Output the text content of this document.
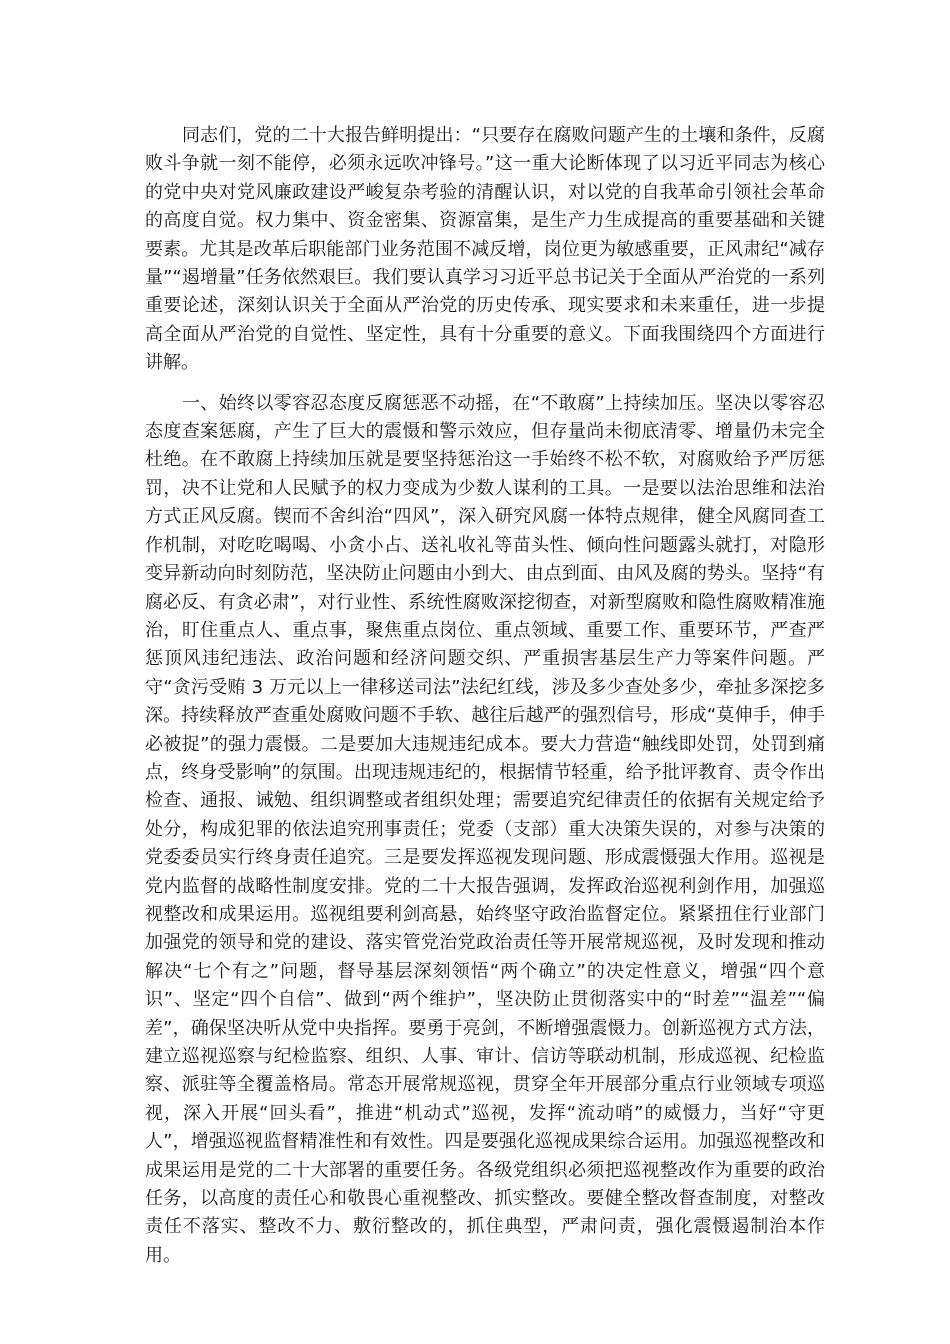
同志们，党的二十大报告鲜明提出：“只要存在腐败问题产生的土壤和条件，反腐败斗争就一刻不能停，必须永远吹冲锋号。”这一重大论断体现了以习近平同志为核心的党中央对党风廉政建设严峻复杂考验的清醒认识，对以党的自我革命引领社会革命的高度自觉。权力集中、资金密集、资源富集，是生产力生成提高的重要基础和关键要素。尤其是改革后职能部门业务范围不减反增，岗位更为敏感重要，正风肃纪“减存量”“遏增量”任务依然艰巨。我们要认真学习习近平总书记关于全面从严治党的一系列重要论述，深刻认识关于全面从严治党的历史传承、现实要求和未来重任，进一步提高全面从严治党的自觉性、坚定性，具有十分重要的意义。下面我围绕四个方面进行讲解。

一、始终以零容忍态度反腐惩恶不动摇，在“不敢腐”上持续加压。坚决以零容忍态度查案惩腐，产生了巨大的震慑和警示效应，但存量尚未彻底清零、增量仍未完全杜绝。在不敢腐上持续加压就是要坚持惩治这一手始终不松不软，对腐败给予严厉惩罚，决不让党和人民赋予的权力变成为少数人谋利的工具。一是要以法治思维和法治方式正风反腐。锲而不舍纠治“四风”，深入研究风腐一体特点规律，健全风腐同查工作机制，对吃吃喝喝、小贪小占、送礼收礼等苗头性、倾向性问题露头就打，对隐形变异新动向时刻防范，坚决防止问题由小到大、由点到面、由风及腐的势头。坚持“有腐必反、有贪必肃”，对行业性、系统性腐败深挖彻查，对新型腐败和隐性腐败精准施治，盯住重点人、重点事，聚焦重点岗位、重点领域、重要工作、重要环节，严查严惩顶风违纪违法、政治问题和经济问题交织、严重损害基层生产力等案件问题。严守“贪污受贿 3 万元以上一律移送司法”法纪红线，涉及多少查处多少，牵扯多深挖多深。持续释放严查重处腐败问题不手软、越往后越严的强烈信号，形成“莫伸手，伸手必被捉”的强力震慑。二是要加大违规违纪成本。要大力营造“触线即处罚，处罚到痛点，终身受影响”的氛围。出现违规违纪的，根据情节轻重，给予批评教育、责令作出检查、通报、诫勉、组织调整或者组织处理；需要追究纪律责任的依据有关规定给予处分，构成犯罪的依法追究刑事责任；党委（支部）重大决策失误的，对参与决策的党委委员实行终身责任追究。三是要发挥巡视发现问题、形成震慑强大作用。巡视是党内监督的战略性制度安排。党的二十大报告强调，发挥政治巡视利剑作用，加强巡视整改和成果运用。巡视组要利剑高悬，始终坚守政治监督定位。紧紧扭住行业部门加强党的领导和党的建设、落实管党治党政治责任等开展常规巡视，及时发现和推动解决“七个有之”问题，督导基层深刻领悟“两个确立”的决定性意义，增强“四个意识”、坚定“四个自信”、做到“两个维护”，坚决防止贯彻落实中的“时差”“温差”“偏差”，确保坚决听从党中央指挥。要勇于亮剑，不断增强震慑力。创新巡视方式方法，建立巡视巡察与纪检监察、组织、人事、审计、信访等联动机制，形成巡视、纪检监察、派驻等全覆盖格局。常态开展常规巡视，贯穿全年开展部分重点行业领域专项巡视，深入开展“回头看”，推进“机动式”巡视，发挥“流动哨”的威慑力，当好“守更人”，增强巡视监督精准性和有效性。四是要强化巡视成果综合运用。加强巡视整改和成果运用是党的二十大部署的重要任务。各级党组织必须把巡视整改作为重要的政治任务，以高度的责任心和敬畏心重视整改、抓实整改。要健全整改督查制度，对整改责任不落实、整改不力、敷衍整改的，抓住典型，严肃问责，强化震慑遏制治本作用。
